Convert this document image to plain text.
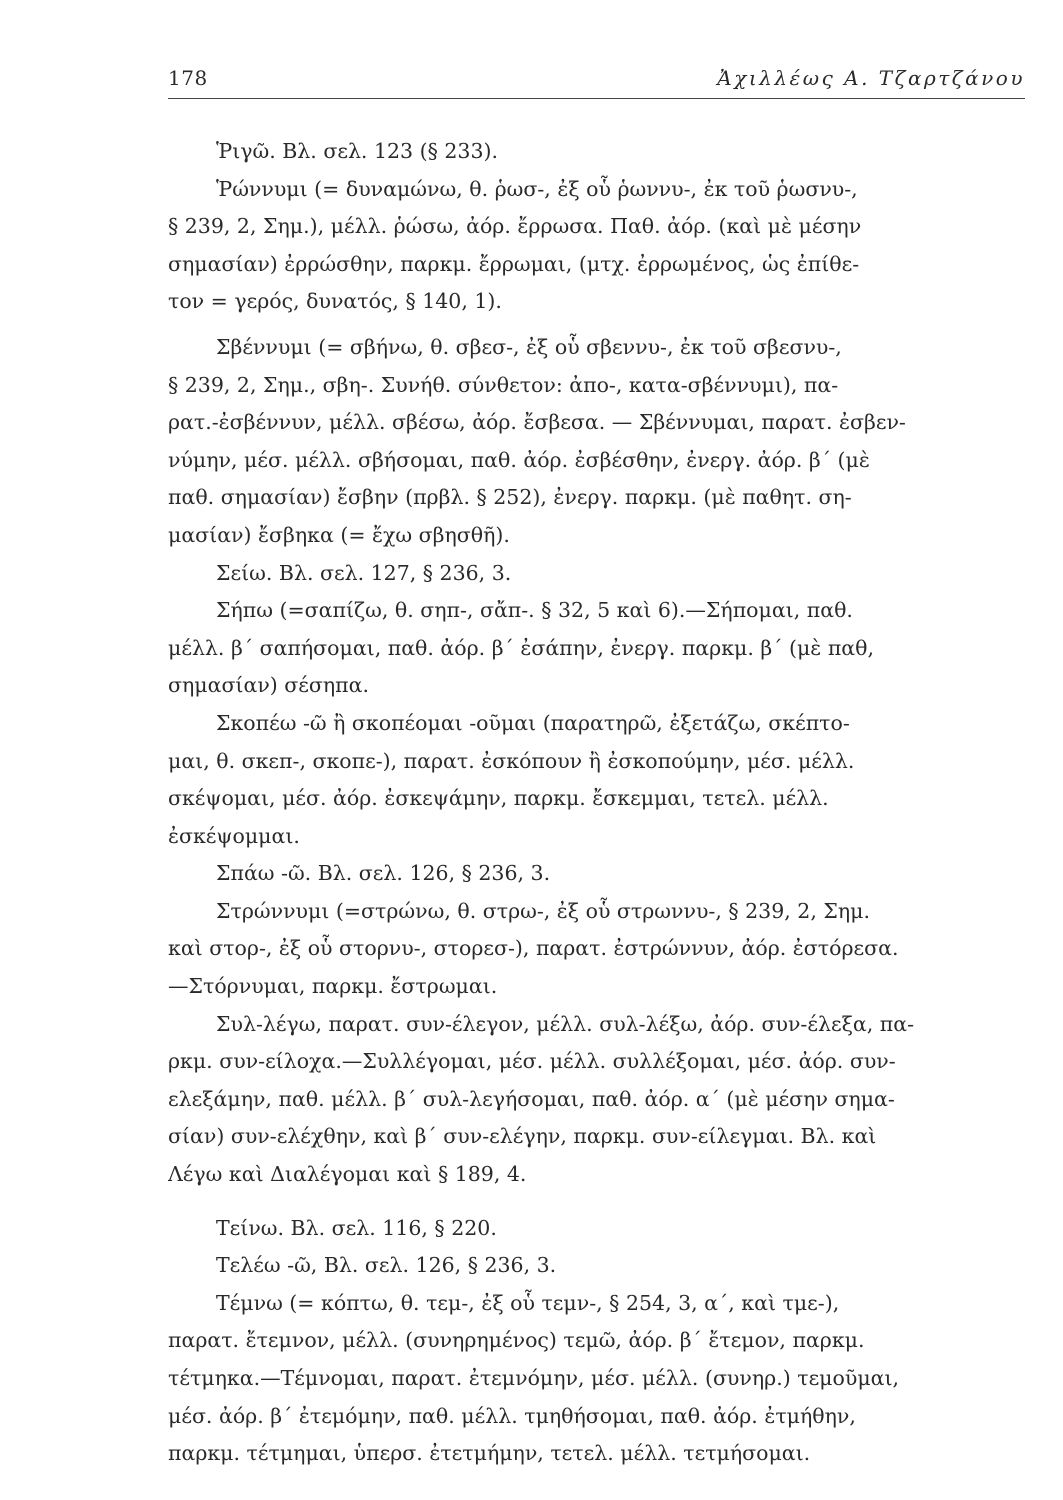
178	Ἀχιλλέως Α. Τζαρτζάνου
Ῥιγῶ. Βλ. σελ. 123 (§ 233).
Ῥώννυμι (= δυναμώνω, θ. ῥωσ-, ἐξ οὗ ῥωννυ-, ἐκ τοῦ ῥωσνυ-,
§ 239, 2, Σημ.), μέλλ. ῥώσω, ἀόρ. ἔρρωσα. Παθ. ἀόρ. (καὶ μὲ μέσην
σημασίαν) ἐρρώσθην, παρκμ. ἔρρωμαι, (μτχ. ἐρρωμένος, ὡς ἐπίθε-
τον = γερός, δυνατός, § 140, 1).
Σβέννυμι (= σβήνω, θ. σβεσ-, ἐξ οὗ σβεννυ-, ἐκ τοῦ σβεσνυ-,
§ 239, 2, Σημ., σβη-. Συνήθ. σύνθετον: ἀπο-, κατα-σβέννυμι), πα-
ρατ.-ἐσβέννυν, μέλλ. σβέσω, ἀόρ. ἔσβεσα. — Σβέννυμαι, παρατ. ἐσβεν-
νύμην, μέσ. μέλλ. σβήσομαι, παθ. ἀόρ. ἐσβέσθην, ἐνεργ. ἀόρ. β΄ (μὲ
παθ. σημασίαν) ἔσβην (πρβλ. § 252), ἐνεργ. παρκμ. (μὲ παθητ. ση-
μασίαν) ἔσβηκα (= ἔχω σβησθῆ).
Σείω. Βλ. σελ. 127, § 236, 3.
Σήπω (=σαπίζω, θ. σηπ-, σἄπ-. § 32, 5 καὶ 6).—Σήπομαι, παθ.
μέλλ. β΄ σαπήσομαι, παθ. ἀόρ. β΄ ἐσάπην, ἐνεργ. παρκμ. β΄ (μὲ παθ,
σημασίαν) σέσηπα.
Σκοπέω -ῶ ἢ σκοπέομαι -οῦμαι (παρατηρῶ, ἐξετάζω, σκέπτο-
μαι, θ. σκεπ-, σκοπε-), παρατ. ἐσκόπουν ἢ ἐσκοπούμην, μέσ. μέλλ.
σκέψομαι, μέσ. ἀόρ. ἐσκεψάμην, παρκμ. ἔσκεμμαι, τετελ. μέλλ.
ἐσκέψομμαι.
Σπάω -ῶ. Βλ. σελ. 126, § 236, 3.
Στρώννυμι (=στρώνω, θ. στρω-, ἐξ οὗ στρωννυ-, § 239, 2, Σημ.
καὶ στορ-, ἐξ οὗ στορνυ-, στορεσ-), παρατ. ἐστρώννυν, ἀόρ. ἐστόρεσα.
—Στόρνυμαι, παρκμ. ἔστρωμαι.
Συλ-λέγω, παρατ. συν-έλεγον, μέλλ. συλ-λέξω, ἀόρ. συν-έλεξα, πα-
ρκμ. συν-είλοχα.—Συλλέγομαι, μέσ. μέλλ. συλλέξομαι, μέσ. ἀόρ. συν-
ελεξάμην, παθ. μέλλ. β΄ συλ-λεγήσομαι, παθ. ἀόρ. α΄ (μὲ μέσην σημα-
σίαν) συν-ελέχθην, καὶ β΄ συν-ελέγην, παρκμ. συν-είλεγμαι. Βλ. καὶ
Λέγω καὶ Διαλέγομαι καὶ § 189, 4.
Τείνω. Βλ. σελ. 116, § 220.
Τελέω -ῶ, Βλ. σελ. 126, § 236, 3.
Τέμνω (= κόπτω, θ. τεμ-, ἐξ οὗ τεμν-, § 254, 3, α΄, καὶ τμε-),
παρατ. ἔτεμνον, μέλλ. (συνηρημένος) τεμῶ, ἀόρ. β΄ ἔτεμον, παρκμ.
τέτμηκα.—Τέμνομαι, παρατ. ἐτεμνόμην, μέσ. μέλλ. (συνηρ.) τεμοῦμαι,
μέσ. ἀόρ. β΄ ἐτεμόμην, παθ. μέλλ. τμηθήσομαι, παθ. ἀόρ. ἐτμήθην,
παρκμ. τέτμημαι, ὑπερσ. ἐτετμήμην, τετελ. μέλλ. τετμήσομαι.
